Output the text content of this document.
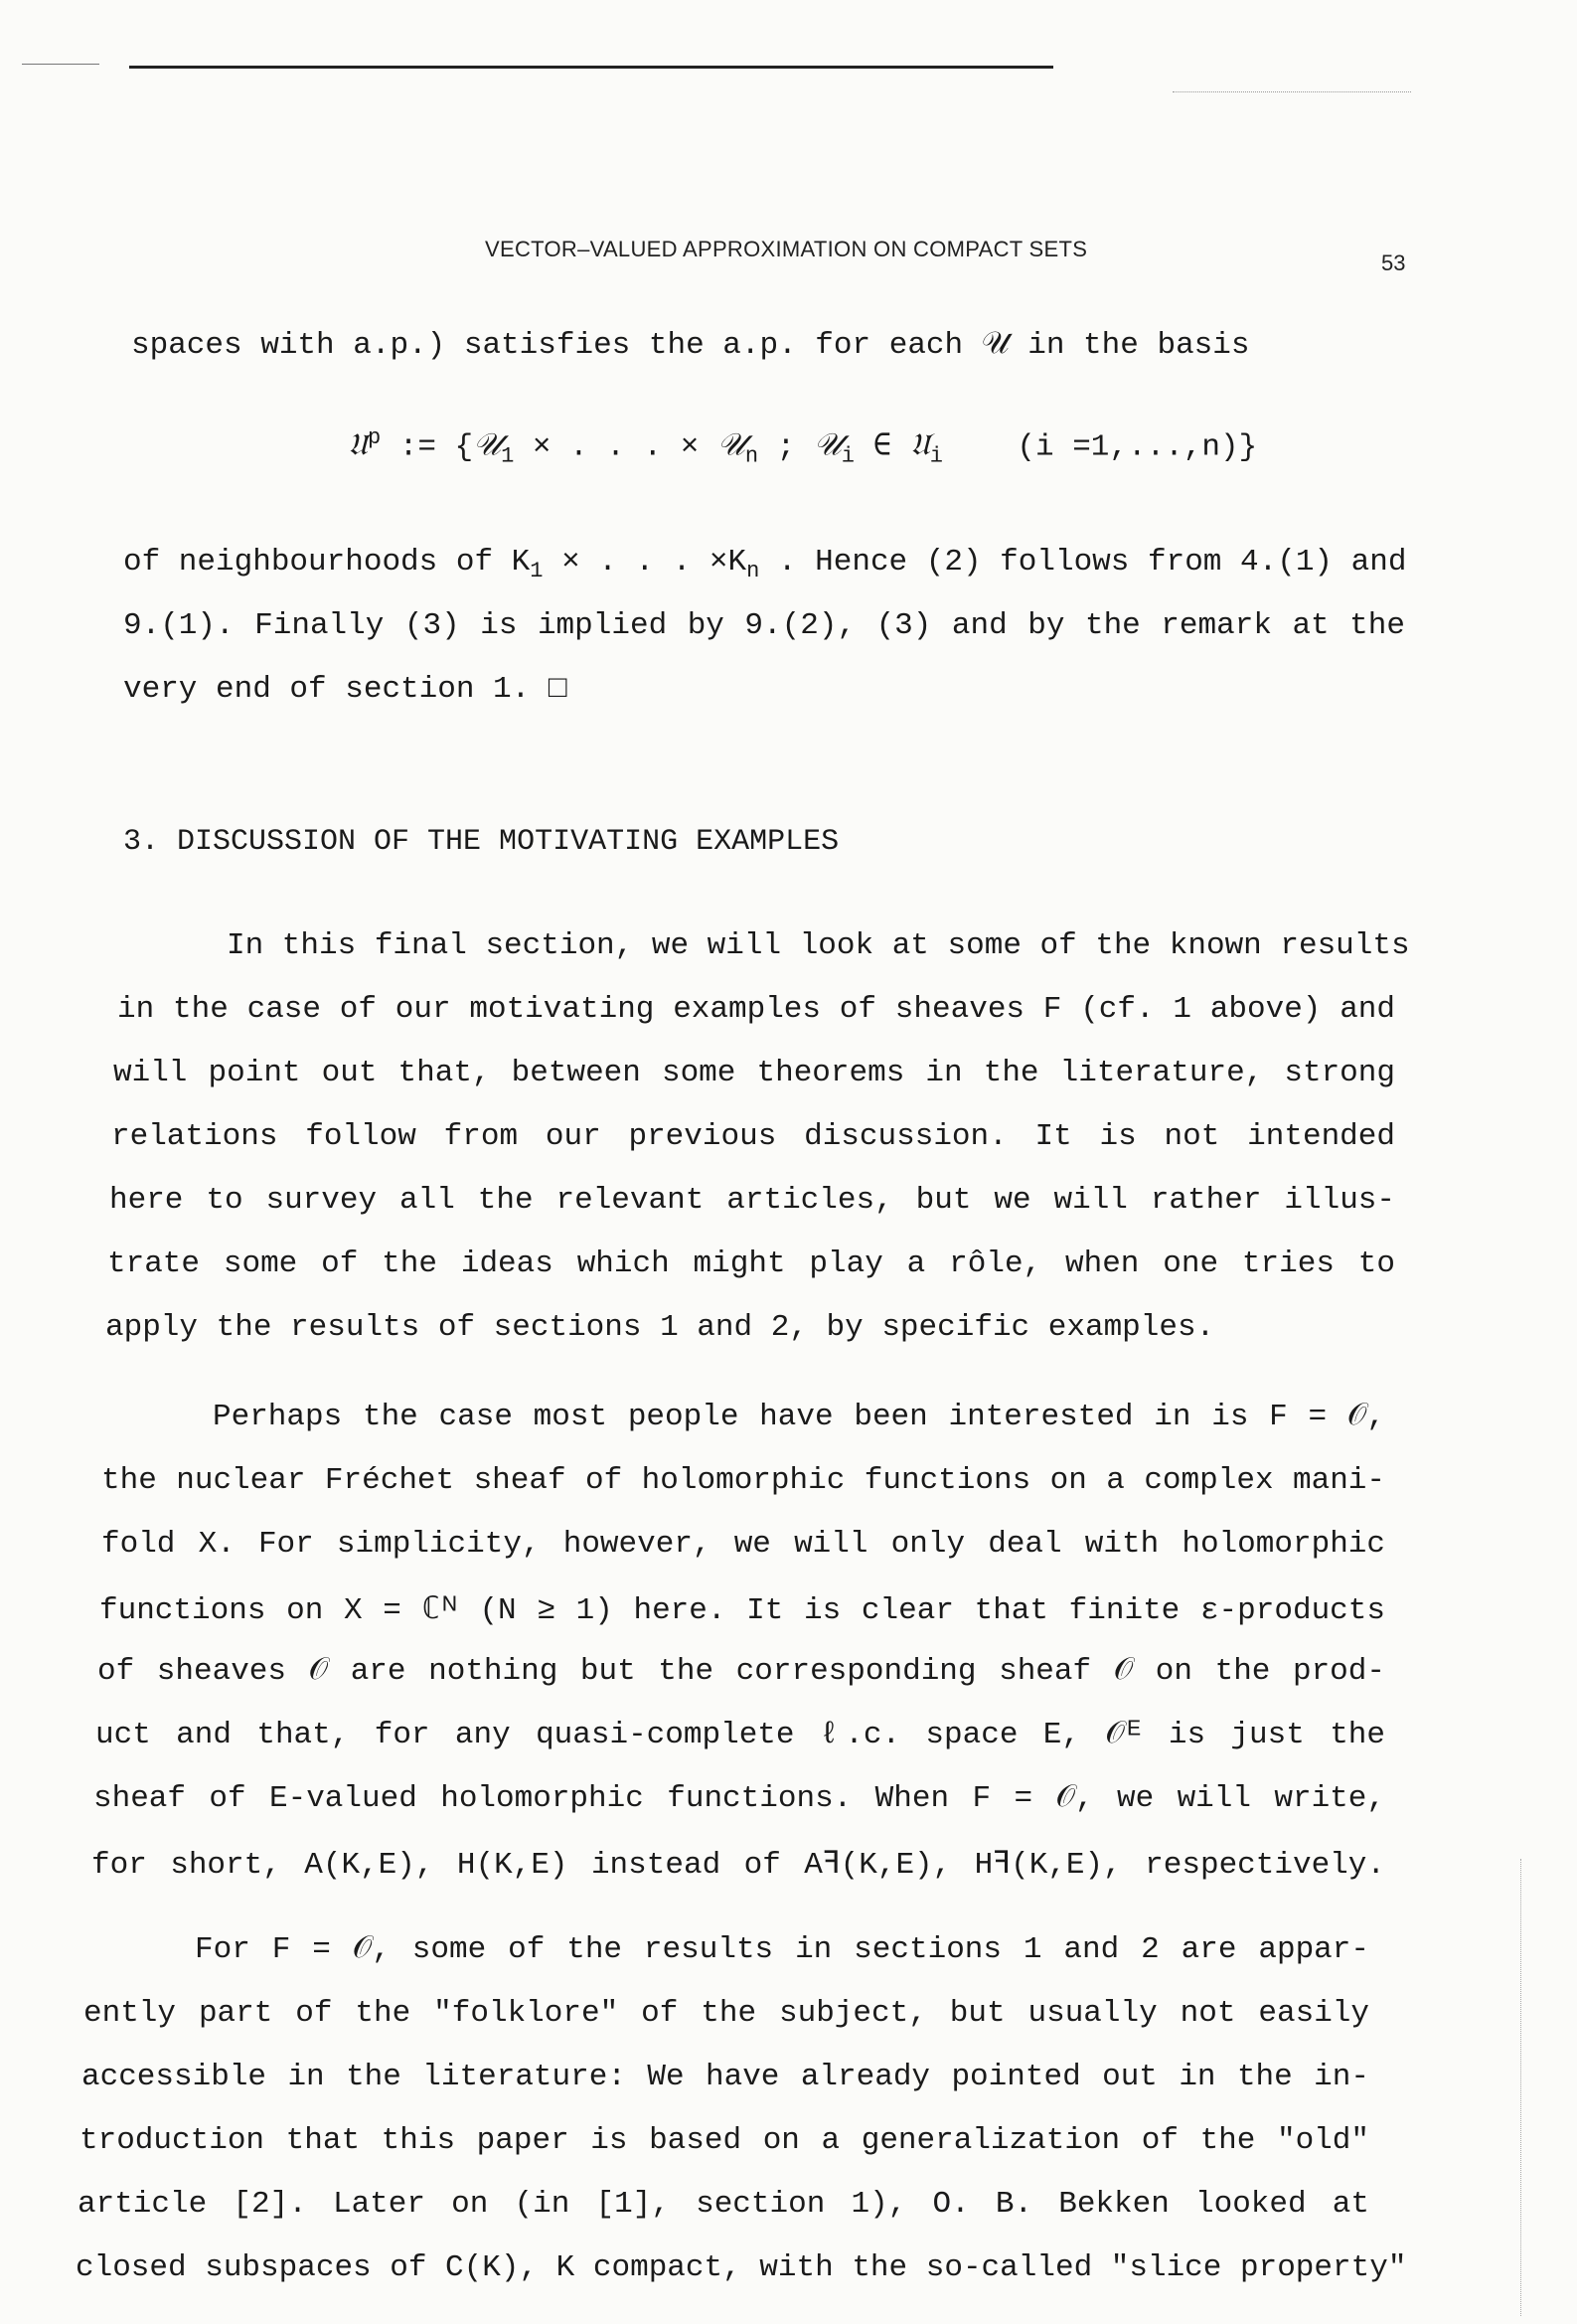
VECTOR–VALUED APPROXIMATION ON COMPACT SETS
53
spaces with a.p.) satisfies the a.p. for each 𝒰 in the basis
𝔘$^p$ := {𝒰$_1$ × . . . × 𝒰$_n$ ; 𝒰$_i$ ∈ 𝔘$_i$ (i =1,...,n)}
of neighbourhoods of $K_1$ × . . . $\times K_n$ . Hence (2) follows from 4.(1) and
9.(1). Finally (3) is implied by 9.(2), (3) and by the remark at the
very end of section 1. □
3. DISCUSSION OF THE MOTIVATING EXAMPLES
In this final section, we will look at some of the known results
in the case of our motivating examples of sheaves F (cf. 1 above) and
will point out that, between some theorems in the literature, strong
relations follow from our previous discussion. It is not intended
here to survey all the relevant articles, but we will rather illus-
trate some of the ideas which might play a rôle, when one tries to
apply the results of sections 1 and 2, by specific examples.
Perhaps the case most people have been interested in is F = 𝒪,
the nuclear Fréchet sheaf of holomorphic functions on a complex mani-
fold X. For simplicity, however, we will only deal with holomorphic
functions on X = ℂᴺ (N ≥ 1) here. It is clear that finite ε-products
of sheaves 𝒪 are nothing but the corresponding sheaf 𝒪 on the prod-
uct and that, for any quasi-complete ℓ.c. space E, 𝒪ᴱ is just the
sheaf of E-valued holomorphic functions. When F = 𝒪, we will write,
for short, A(K,E), H(K,E) instead of Aꟻ(K,E), Hꟻ(K,E), respectively.
For F = 𝒪, some of the results in sections 1 and 2 are appar-
ently part of the "folklore" of the subject, but usually not easily
accessible in the literature: We have already pointed out in the in-
troduction that this paper is based on a generalization of the "old"
article [2]. Later on (in [1], section 1), O. B. Bekken looked at
closed subspaces of C(K), K compact, with the so-called "slice property"
